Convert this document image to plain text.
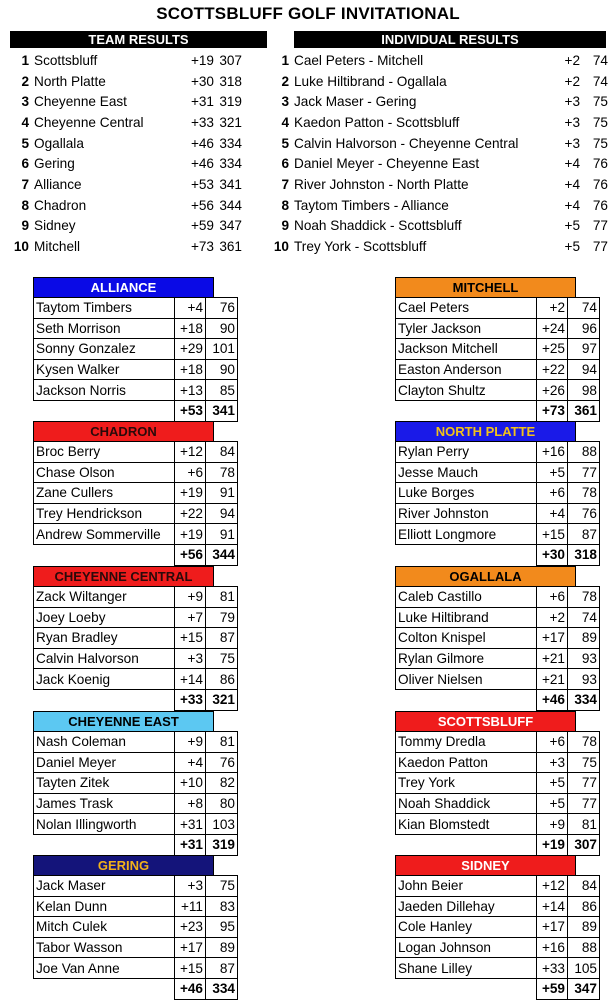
SCOTTSBLUFF GOLF INVITATIONAL
TEAM RESULTS	INDIVIDUAL RESULTS
1	Scottsbluff	+19	307
2	North Platte	+30	318
3	Cheyenne East	+31	319
4	Cheyenne Central	+33	321
5	Ogallala	+46	334
6	Gering	+46	334
7	Alliance	+53	341
8	Chadron	+56	344
9	Sidney	+59	347
10	Mitchell	+73	361
1	Cael Peters - Mitchell	+2	74
2	Luke Hiltibrand - Ogallala	+2	74
3	Jack Maser - Gering	+3	75
4	Kaedon Patton - Scottsbluff	+3	75
5	Calvin Halvorson - Cheyenne Central	+3	75
6	Daniel Meyer - Cheyenne East	+4	76
7	River Johnston - North Platte	+4	76
8	Taytom Timbers - Alliance	+4	76
9	Noah Shaddick - Scottsbluff	+5	77
10	Trey York - Scottsbluff	+5	77
ALLIANCE
Taytom Timbers	+4	76
Seth Morrison	+18	90
Sonny Gonzalez	+29	101
Kysen Walker	+18	90
Jackson Norris	+13	85
	+53	341
MITCHELL
Cael Peters	+2	74
Tyler Jackson	+24	96
Jackson Mitchell	+25	97
Easton Anderson	+22	94
Clayton Shultz	+26	98
	+73	361
CHADRON
Broc Berry	+12	84
Chase Olson	+6	78
Zane Cullers	+19	91
Trey Hendrickson	+22	94
Andrew Sommerville	+19	91
	+56	344
NORTH PLATTE
Rylan Perry	+16	88
Jesse Mauch	+5	77
Luke Borges	+6	78
River Johnston	+4	76
Elliott Longmore	+15	87
	+30	318
CHEYENNE CENTRAL
Zack Wiltanger	+9	81
Joey Loeby	+7	79
Ryan Bradley	+15	87
Calvin Halvorson	+3	75
Jack Koenig	+14	86
	+33	321
OGALLALA
Caleb Castillo	+6	78
Luke Hiltibrand	+2	74
Colton Knispel	+17	89
Rylan Gilmore	+21	93
Oliver Nielsen	+21	93
	+46	334
CHEYENNE EAST
Nash Coleman	+9	81
Daniel Meyer	+4	76
Tayten Zitek	+10	82
James Trask	+8	80
Nolan Illingworth	+31	103
	+31	319
SCOTTSBLUFF
Tommy Dredla	+6	78
Kaedon Patton	+3	75
Trey York	+5	77
Noah Shaddick	+5	77
Kian Blomstedt	+9	81
	+19	307
GERING
Jack Maser	+3	75
Kelan Dunn	+11	83
Mitch Culek	+23	95
Tabor Wasson	+17	89
Joe Van Anne	+15	87
	+46	334
SIDNEY
John Beier	+12	84
Jaeden Dillehay	+14	86
Cole Hanley	+17	89
Logan Johnson	+16	88
Shane Lilley	+33	105
	+59	347
